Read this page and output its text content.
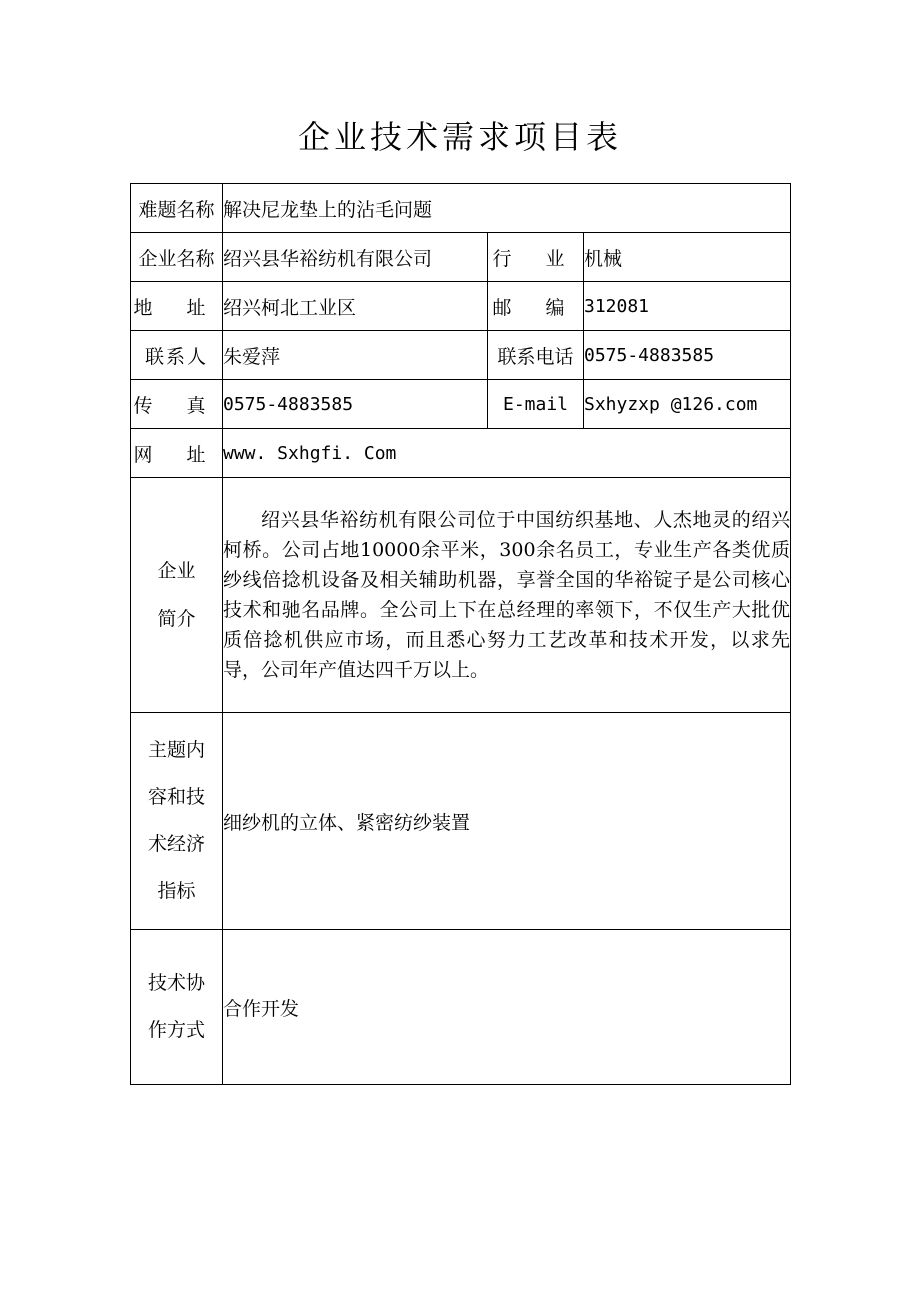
企业技术需求项目表
难题名称	解决尼龙垫上的沾毛问题		
企业名称	绍兴县华裕纺机有限公司	行 业	机械
地 址	绍兴柯北工业区	邮 编	312081
联系人	朱爱萍	联系电话	0575-4883585
传 真	0575-4883585	E-mail	Sxhyzxp @126.com
网 址	www. Sxhgfi. Com		

企业
简介	绍兴县华裕纺机有限公司位于中国纺织基地、人杰地灵的绍兴柯桥。公司占地10000余平米，300余名员工，专业生产各类优质纱线倍捻机设备及相关辅助机器，享誉全国的华裕锭子是公司核心技术和驰名品牌。全公司上下在总经理的率领下，不仅生产大批优质倍捻机供应市场，而且悉心努力工艺改革和技术开发，以求先导，公司年产值达四千万以上。		

主题内
容和技
术经济
指标	细纱机的立体、紧密纺纱装置		

技术协
作方式	合作开发		
